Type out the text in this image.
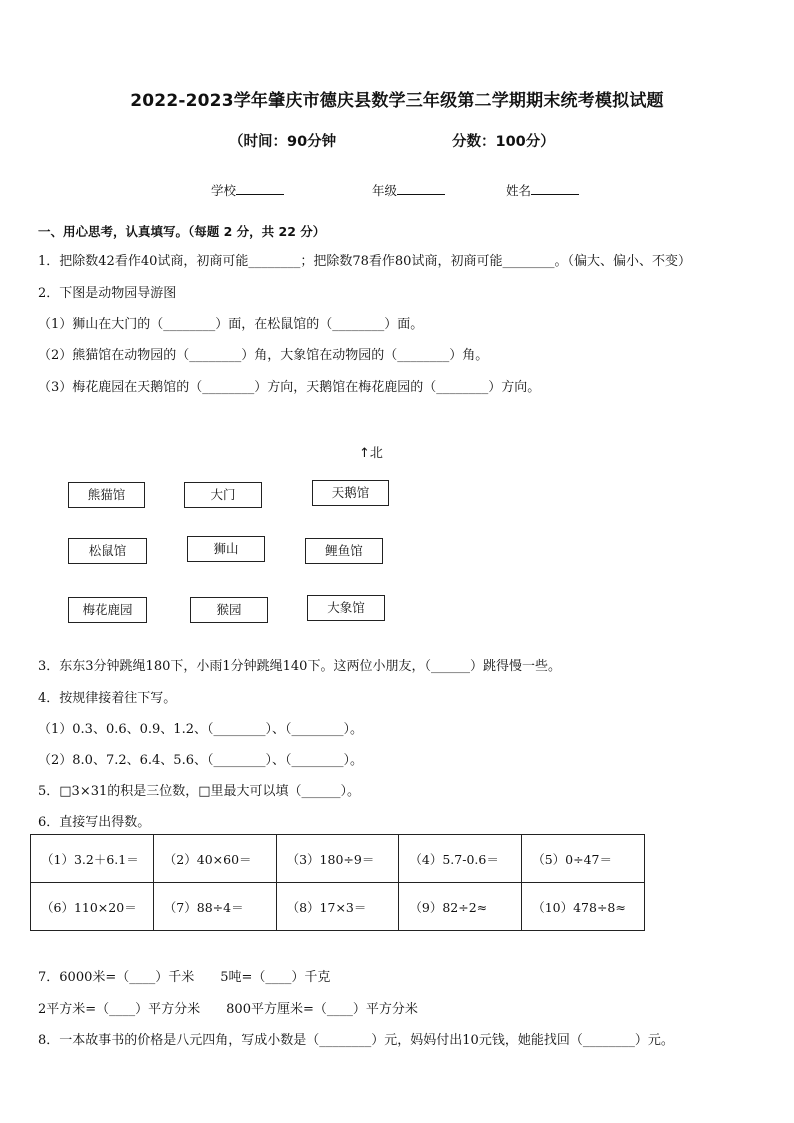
2022-2023学年肇庆市德庆县数学三年级第二学期期末统考模拟试题
（时间：90分钟	分数：100分）
学校	年级	姓名
一、用心思考，认真填写。（每题 2 分，共 22 分）
1．把除数42看作40试商，初商可能________；把除数78看作80试商，初商可能________。（偏大、偏小、不变）
2．下图是动物园导游图
（1）狮山在大门的（________）面，在松鼠馆的（________）面。
（2）熊猫馆在动物园的（________）角，大象馆在动物园的（________）角。
（3）梅花鹿园在天鹅馆的（________）方向，天鹅馆在梅花鹿园的（________）方向。
↑北
熊猫馆	大门	天鹅馆
松鼠馆	狮山	鲤鱼馆
梅花鹿园	猴园	大象馆
3．东东3分钟跳绳180下，小雨1分钟跳绳140下。这两位小朋友，（______）跳得慢一些。
4．按规律接着往下写。
（1）0.3、0.6、0.9、1.2、（________）、（________）。
（2）8.0、7.2、6.4、5.6、（________）、（________）。
5．□3×31的积是三位数，□里最大可以填（______）。
6．直接写出得数。
（1）3.2＋6.1＝	（2）40×60＝	（3）180÷9＝	（4）5.7-0.6＝	（5）0÷47＝
（6）110×20＝	（7）88÷4＝	（8）17×3＝	（9）82÷2≈	（10）478÷8≈
7．6000米=（____）千米　　5吨=（____）千克
2平方米=（____）平方分米　　800平方厘米=（____）平方分米
8．一本故事书的价格是八元四角，写成小数是（________）元，妈妈付出10元钱，她能找回（________）元。
